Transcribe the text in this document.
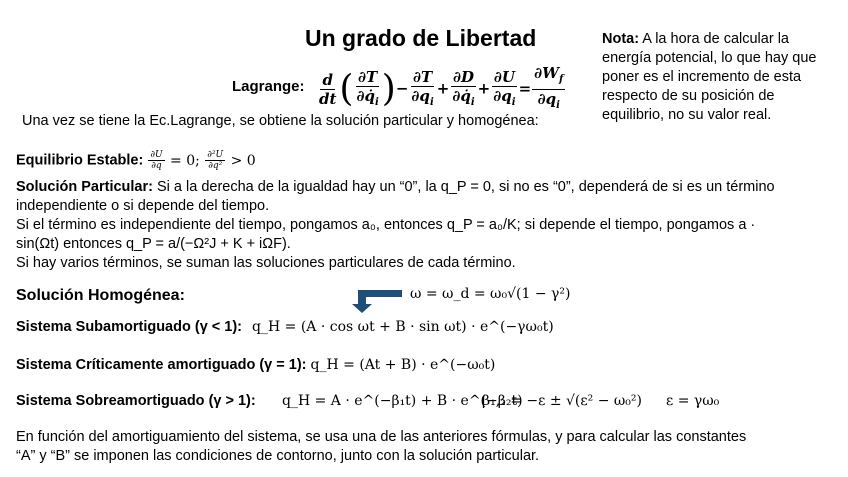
Un grado de Libertad	Nota: A la hora de calcular la energía potencial, lo que hay que poner es el incremento de esta respecto de su posición de equilibrio, no su valor real.
Lagrange: $\frac{d}{dt}$ ( $\frac{\partial T}{\partial q̇_i}$ )− $\frac{\partial T}{\partial q_i} + \frac{\partial D}{\partial q̇_i} + \frac{\partial U}{\partial q_i} = \frac{\partial W_f}{\partial q_i}$
Una vez se tiene la Ec.Lagrange, se obtiene la solución particular y homogénea:
Equilibrio Estable: $\frac{\partial U}{\partial q} = 0$; $\frac{\text{∂²U}}{\text{∂q²}} > 0$
Solución Particular: Si a la derecha de la igualdad hay un “0”, la q_P = 0, si no es “0”, dependerá de si es un término
independiente o si depende del tiempo.
Si el término es independiente del tiempo, pongamos a₀, entonces q_P = a₀/K; si depende el tiempo, pongamos a ·
sin(Ωt) entonces q_P = a/(−Ω²J + K + iΩF).
Si hay varios términos, se suman las soluciones particulares de cada término.
Solución Homogénea:	ω = ω_d = ω₀√(1 − γ²)
Sistema Subamortiguado (γ < 1): q_H = (A · cos ωt + B · sin ωt) · e^(−γω₀t)
Sistema Críticamente amortiguado (γ = 1): q_H = (At + B) · e^(−ω₀t)
Sistema Sobreamortiguado (γ > 1): q_H = A · e^(−β₁t) + B · e^(−β₂t)
β₁,₂ = −ε ± √(ε² − ω₀²) ε = γω₀
En función del amortiguamiento del sistema, se usa una de las anteriores fórmulas, y para calcular las constantes
“A” y “B” se imponen las condiciones de contorno, junto con la solución particular.
